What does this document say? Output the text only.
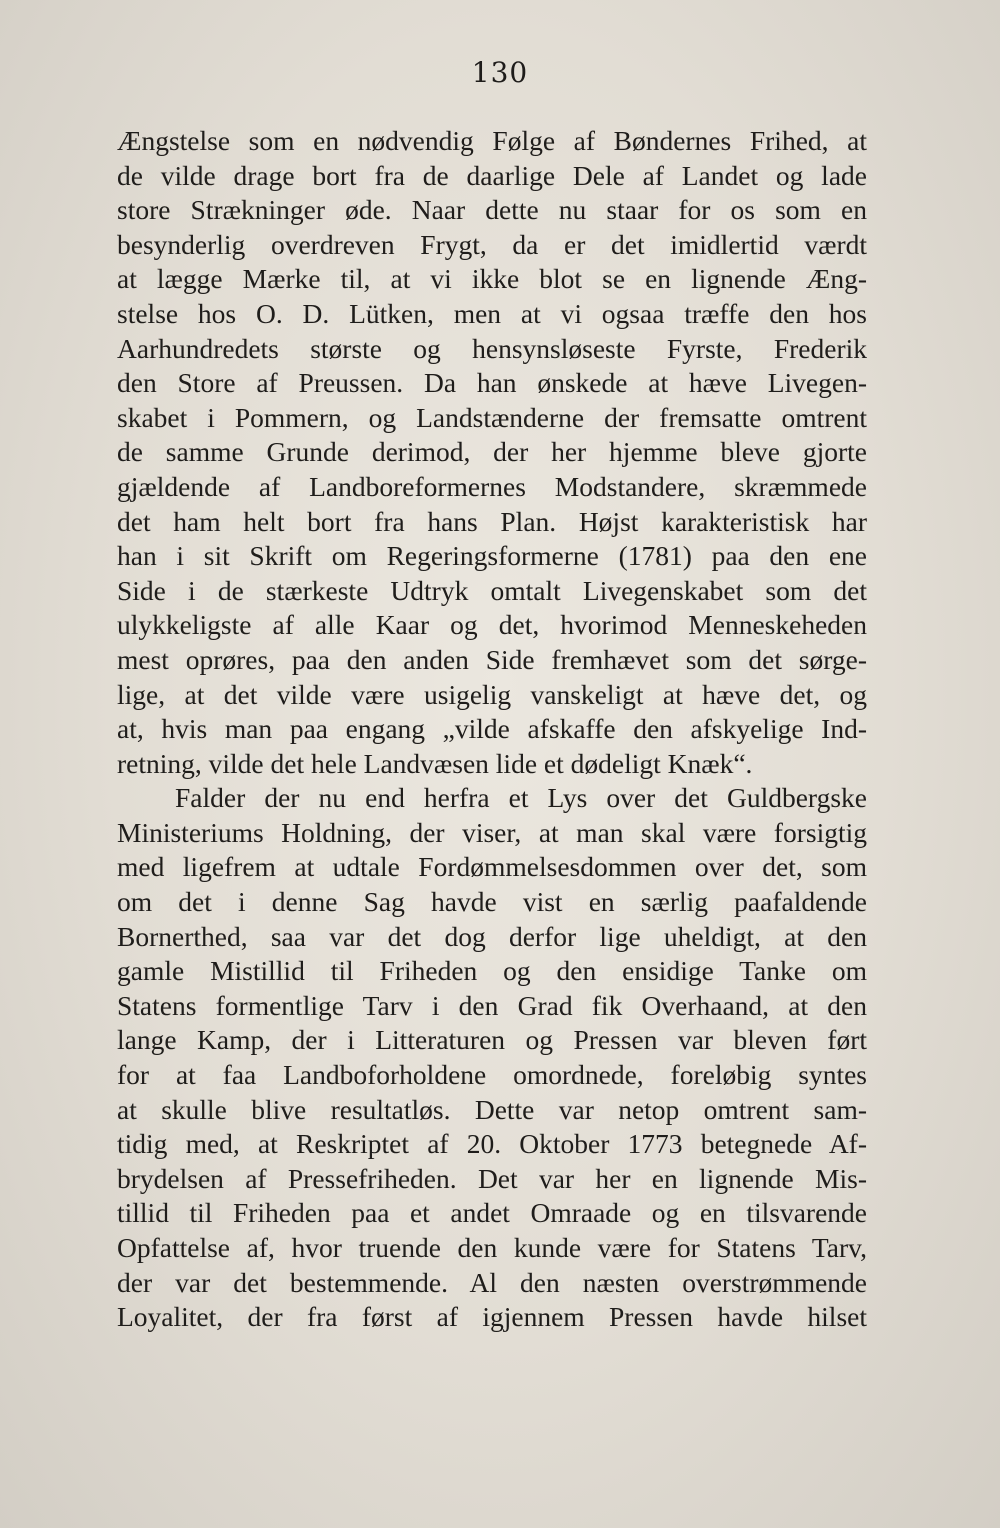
130
Ængstelse som en nødvendig Følge af Bøndernes Frihed, at
de vilde drage bort fra de daarlige Dele af Landet og lade
store Strækninger øde. Naar dette nu staar for os som en
besynderlig overdreven Frygt, da er det imidlertid værdt
at lægge Mærke til, at vi ikke blot se en lignende Æng-
stelse hos O. D. Lütken, men at vi ogsaa træffe den hos
Aarhundredets største og hensynsløseste Fyrste, Frederik
den Store af Preussen. Da han ønskede at hæve Livegen-
skabet i Pommern, og Landstænderne der fremsatte omtrent
de samme Grunde derimod, der her hjemme bleve gjorte
gjældende af Landboreformernes Modstandere, skræmmede
det ham helt bort fra hans Plan. Højst karakteristisk har
han i sit Skrift om Regeringsformerne (1781) paa den ene
Side i de stærkeste Udtryk omtalt Livegenskabet som det
ulykkeligste af alle Kaar og det, hvorimod Menneskeheden
mest oprøres, paa den anden Side fremhævet som det sørge-
lige, at det vilde være usigelig vanskeligt at hæve det, og
at, hvis man paa engang „vilde afskaffe den afskyelige Ind-
retning, vilde det hele Landvæsen lide et dødeligt Knæk“.
Falder der nu end herfra et Lys over det Guldbergske
Ministeriums Holdning, der viser, at man skal være forsigtig
med ligefrem at udtale Fordømmelsesdommen over det, som
om det i denne Sag havde vist en særlig paafaldende
Bornerthed, saa var det dog derfor lige uheldigt, at den
gamle Mistillid til Friheden og den ensidige Tanke om
Statens formentlige Tarv i den Grad fik Overhaand, at den
lange Kamp, der i Litteraturen og Pressen var bleven ført
for at faa Landboforholdene omordnede, foreløbig syntes
at skulle blive resultatløs. Dette var netop omtrent sam-
tidig med, at Reskriptet af 20. Oktober 1773 betegnede Af-
brydelsen af Pressefriheden. Det var her en lignende Mis-
tillid til Friheden paa et andet Omraade og en tilsvarende
Opfattelse af, hvor truende den kunde være for Statens Tarv,
der var det bestemmende. Al den næsten overstrømmende
Loyalitet, der fra først af igjennem Pressen havde hilset
